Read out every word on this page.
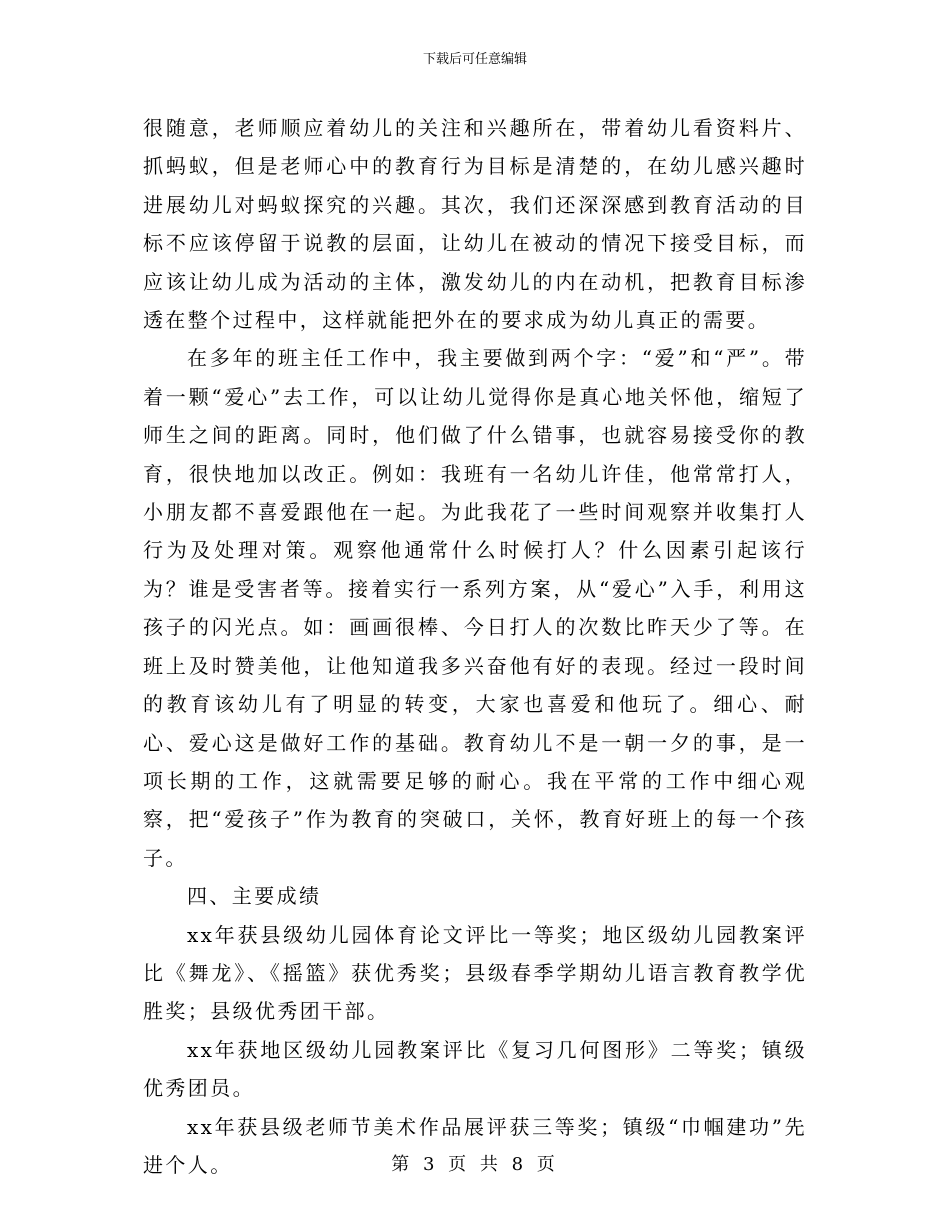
下载后可任意编辑

很随意，老师顺应着幼儿的关注和兴趣所在，带着幼儿看资料片、抓蚂蚁，但是老师心中的教育行为目标是清楚的，在幼儿感兴趣时进展幼儿对蚂蚁探究的兴趣。其次，我们还深深感到教育活动的目标不应该停留于说教的层面，让幼儿在被动的情况下接受目标，而应该让幼儿成为活动的主体，激发幼儿的内在动机，把教育目标渗透在整个过程中，这样就能把外在的要求成为幼儿真正的需要。

在多年的班主任工作中，我主要做到两个字：“爱”和“严”。带着一颗“爱心”去工作，可以让幼儿觉得你是真心地关怀他，缩短了师生之间的距离。同时，他们做了什么错事，也就容易接受你的教育，很快地加以改正。例如：我班有一名幼儿许佳，他常常打人，小朋友都不喜爱跟他在一起。为此我花了一些时间观察并收集打人行为及处理对策。观察他通常什么时候打人？什么因素引起该行为？谁是受害者等。接着实行一系列方案，从“爱心”入手，利用这孩子的闪光点。如：画画很棒、今日打人的次数比昨天少了等。在班上及时赞美他，让他知道我多兴奋他有好的表现。经过一段时间的教育该幼儿有了明显的转变，大家也喜爱和他玩了。细心、耐心、爱心这是做好工作的基础。教育幼儿不是一朝一夕的事，是一项长期的工作，这就需要足够的耐心。我在平常的工作中细心观察，把“爱孩子”作为教育的突破口，关怀，教育好班上的每一个孩子。

四、主要成绩

xx年获县级幼儿园体育论文评比一等奖；地区级幼儿园教案评比《舞龙》、《摇篮》获优秀奖；县级春季学期幼儿语言教育教学优胜奖；县级优秀团干部。

xx年获地区级幼儿园教案评比《复习几何图形》二等奖；镇级优秀团员。

xx年获县级老师节美术作品展评获三等奖；镇级“巾帼建功”先进个人。	第 3 页 共 8 页
